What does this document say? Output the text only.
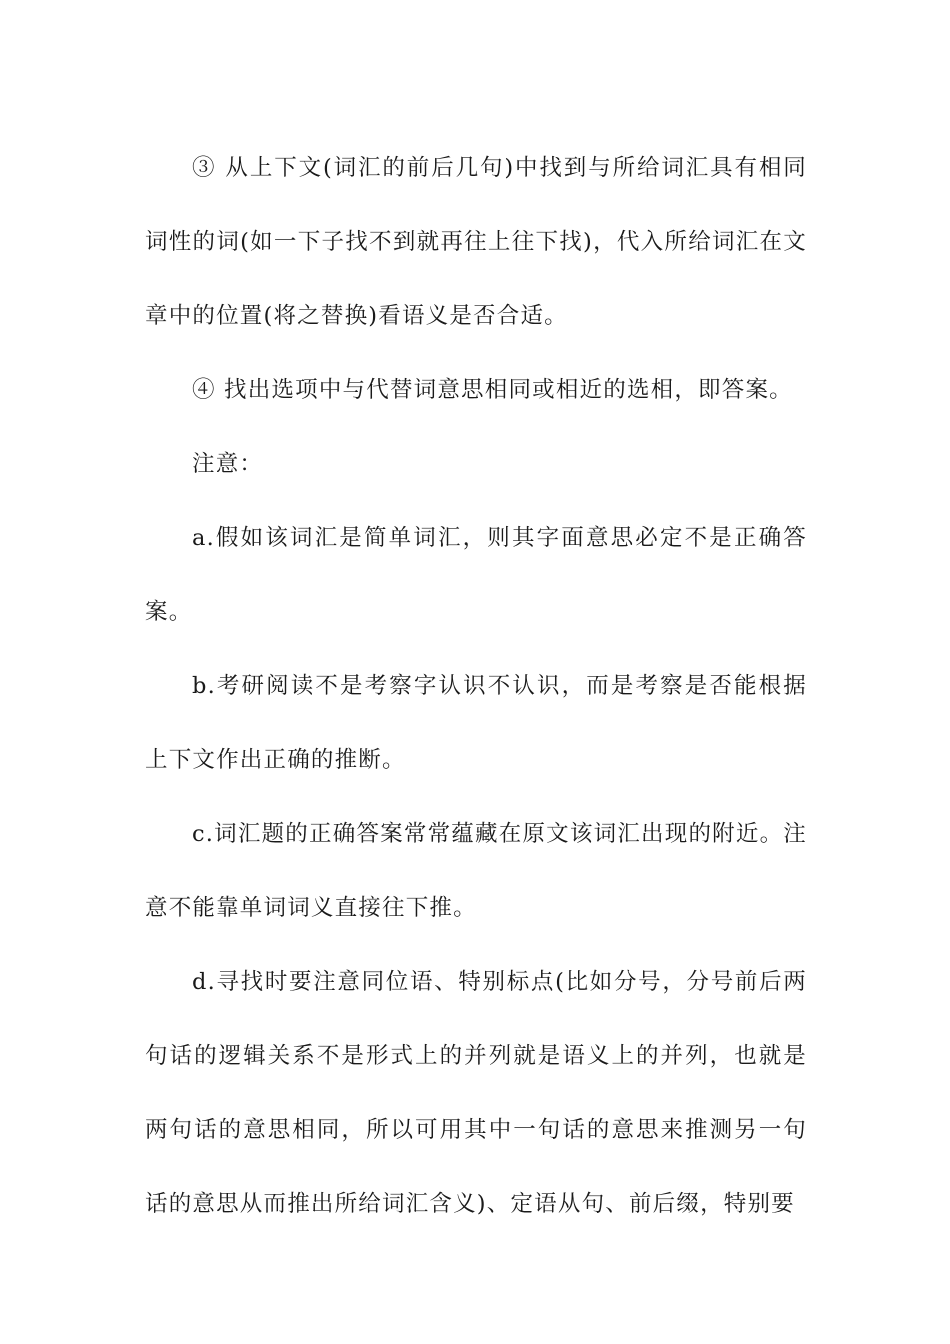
③ 从上下文(词汇的前后几句)中找到与所给词汇具有相同词性的词(如一下子找不到就再往上往下找)，代入所给词汇在文章中的位置(将之替换)看语义是否合适。

④ 找出选项中与代替词意思相同或相近的选相，即答案。

注意：

a.假如该词汇是简单词汇，则其字面意思必定不是正确答案。

b.考研阅读不是考察字认识不认识，而是考察是否能根据上下文作出正确的推断。

c.词汇题的正确答案常常蕴藏在原文该词汇出现的附近。注意不能靠单词词义直接往下推。

d.寻找时要注意同位语、特别标点(比如分号，分号前后两句话的逻辑关系不是形式上的并列就是语义上的并列，也就是两句话的意思相同，所以可用其中一句话的意思来推测另一句话的意思从而推出所给词汇含义)、定语从句、前后缀，特别要
